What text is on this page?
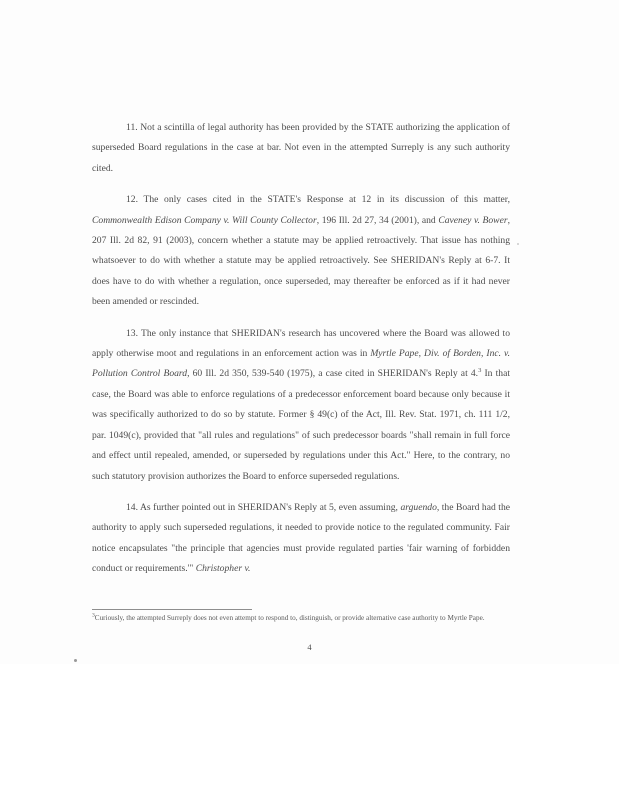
11. Not a scintilla of legal authority has been provided by the STATE authorizing the application of superseded Board regulations in the case at bar. Not even in the attempted Surreply is any such authority cited.

12. The only cases cited in the STATE's Response at 12 in its discussion of this matter, Commonwealth Edison Company v. Will County Collector, 196 Ill. 2d 27, 34 (2001), and Caveney v. Bower, 207 Ill. 2d 82, 91 (2003), concern whether a statute may be applied retroactively. That issue has nothing whatsoever to do with whether a statute may be applied retroactively. See SHERIDAN's Reply at 6-7. It does have to do with whether a regulation, once superseded, may thereafter be enforced as if it had never been amended or rescinded.

13. The only instance that SHERIDAN's research has uncovered where the Board was allowed to apply otherwise moot and regulations in an enforcement action was in Myrtle Pape, Div. of Borden, Inc. v. Pollution Control Board, 60 Ill. 2d 350, 539-540 (1975), a case cited in SHERIDAN's Reply at 4.$^3$ In that case, the Board was able to enforce regulations of a predecessor enforcement board because only because it was specifically authorized to do so by statute. Former § 49(c) of the Act, Ill. Rev. Stat. 1971, ch. 111 1/2, par. 1049(c), provided that "all rules and regulations" of such predecessor boards "shall remain in full force and effect until repealed, amended, or superseded by regulations under this Act." Here, to the contrary, no such statutory provision authorizes the Board to enforce superseded regulations.

14. As further pointed out in SHERIDAN's Reply at 5, even assuming, arguendo, the Board had the authority to apply such superseded regulations, it needed to provide notice to the regulated community. Fair notice encapsulates "the principle that agencies must provide regulated parties 'fair warning of forbidden conduct or requirements.'" Christopher v.

$^3$Curiously, the attempted Surreply does not even attempt to respond to, distinguish, or provide alternative case authority to Myrtle Pape.
4
